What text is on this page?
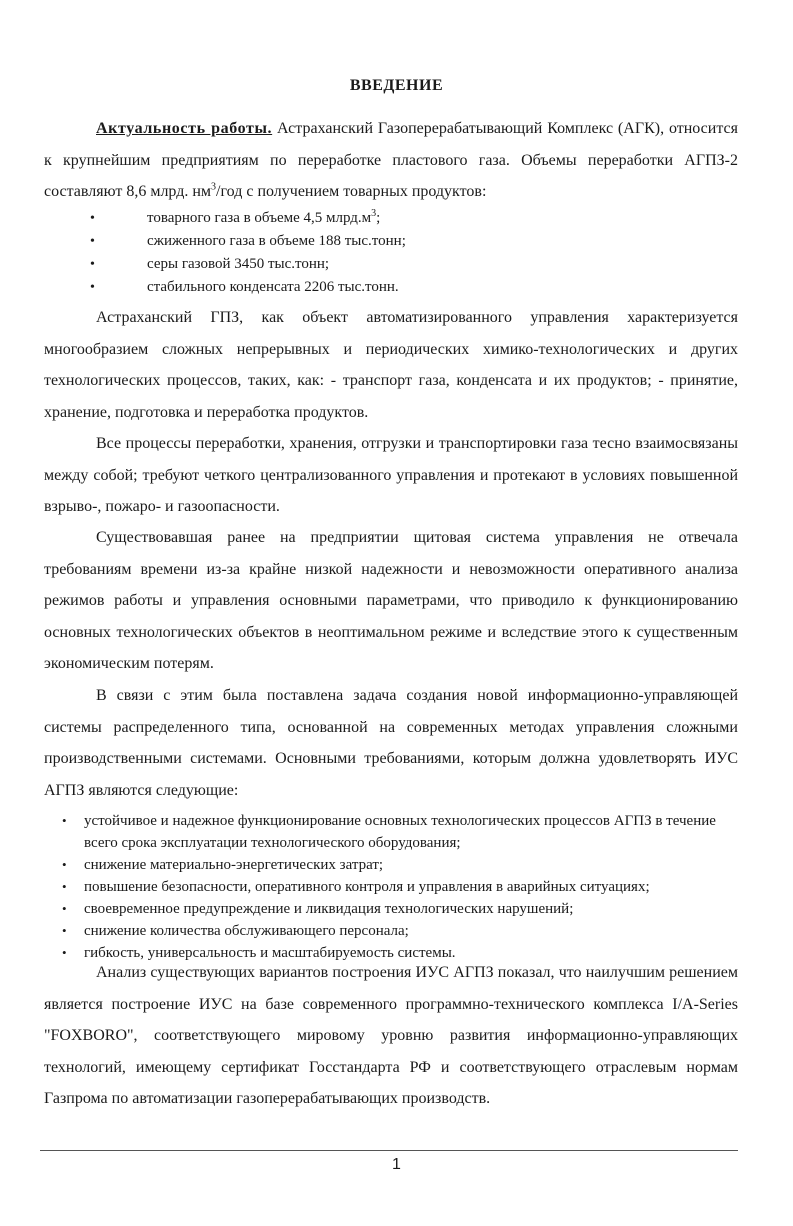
ВВЕДЕНИЕ

Актуальность работы. Астраханский Газоперерабатывающий Комплекс (АГК), относится к крупнейшим предприятиям по переработке пластового газа. Объемы переработки АГПЗ-2 составляют 8,6 млрд. $нм^3$/год с получением товарных продуктов:

•	товарного газа в объеме 4,5 $млрд.м^3$;
•	сжиженного газа в объеме 188 тыс.тонн;
•	серы газовой 3450 тыс.тонн;
•	стабильного конденсата 2206 тыс.тонн.

Астраханский ГПЗ, как объект автоматизированного управления характеризуется многообразием сложных непрерывных и периодических химико-технологических и других технологических процессов, таких, как: - транспорт газа, конденсата и их продуктов; - принятие, хранение, подготовка и переработка продуктов.

Все процессы переработки, хранения, отгрузки и транспортировки газа тесно взаимосвязаны между собой; требуют четкого централизованного управления и протекают в условиях повышенной взрыво-, пожаро- и газоопасности.

Существовавшая ранее на предприятии щитовая система управления не отвечала требованиям времени из-за крайне низкой надежности и невозможности оперативного анализа режимов работы и управления основными параметрами, что приводило к функционированию основных технологических объектов в неоптимальном режиме и вследствие этого к существенным экономическим потерям.

В связи с этим была поставлена задача создания новой информационно-управляющей системы распределенного типа, основанной на современных методах управления сложными производственными системами. Основными требованиями, которым должна удовлетворять ИУС АГПЗ являются следующие:

• устойчивое и надежное функционирование основных технологических процессов АГПЗ в течение всего срока эксплуатации технологического оборудования;
• снижение материально-энергетических затрат;
• повышение безопасности, оперативного контроля и управления в аварийных ситуациях;
• своевременное предупреждение и ликвидация технологических нарушений;
• снижение количества обслуживающего персонала;
• гибкость, универсальность и масштабируемость системы.

Анализ существующих вариантов построения ИУС АГПЗ показал, что наилучшим решением является построение ИУС на базе современного программно-технического комплекса I/A-Series "FOXBORO", соответствующего мировому уровню развития информационно-управляющих технологий, имеющему сертификат Госстандарта РФ и соответствующего отраслевым нормам Газпрома по автоматизации газоперерабатывающих производств.

1
